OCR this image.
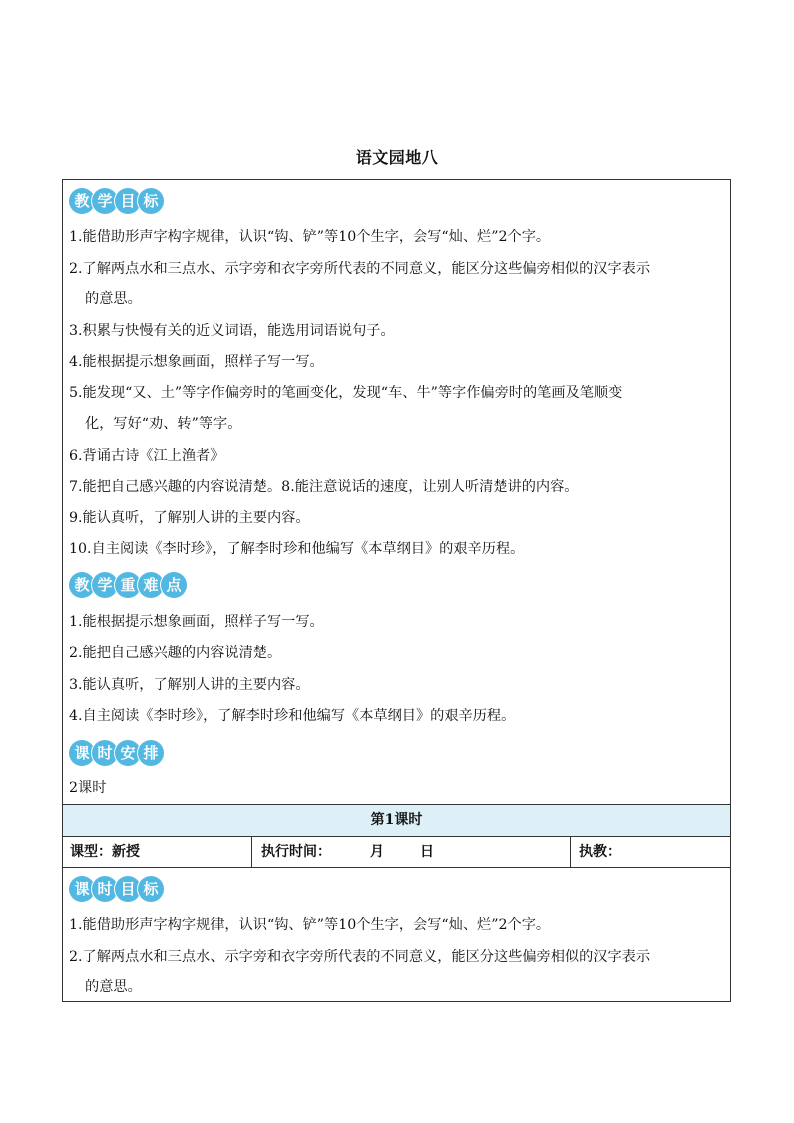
语文园地八
教 学 目 标
1.能借助形声字构字规律，认识“钩、铲”等10个生字，会写“灿、烂”2个字。
2.了解两点水和三点水、示字旁和衣字旁所代表的不同意义，能区分这些偏旁相似的汉字表示
的意思。
3.积累与快慢有关的近义词语，能选用词语说句子。
4.能根据提示想象画面，照样子写一写。
5.能发现“又、土”等字作偏旁时的笔画变化，发现“车、牛”等字作偏旁时的笔画及笔顺变
化，写好“劝、转”等字。
6.背诵古诗《江上渔者》
7.能把自己感兴趣的内容说清楚。8.能注意说话的速度，让别人听清楚讲的内容。
9.能认真听，了解别人讲的主要内容。
10.自主阅读《李时珍》，了解李时珍和他编写《本草纲目》的艰辛历程。
教 学 重 难 点
1.能根据提示想象画面，照样子写一写。
2.能把自己感兴趣的内容说清楚。
3.能认真听，了解别人讲的主要内容。
4.自主阅读《李时珍》，了解李时珍和他编写《本草纲目》的艰辛历程。
课 时 安 排
2课时
第1课时
课型：新授	执行时间：	月	日	执教：
课 时 目 标
1.能借助形声字构字规律，认识“钩、铲”等10个生字，会写“灿、烂”2个字。
2.了解两点水和三点水、示字旁和衣字旁所代表的不同意义，能区分这些偏旁相似的汉字表示
的意思。
